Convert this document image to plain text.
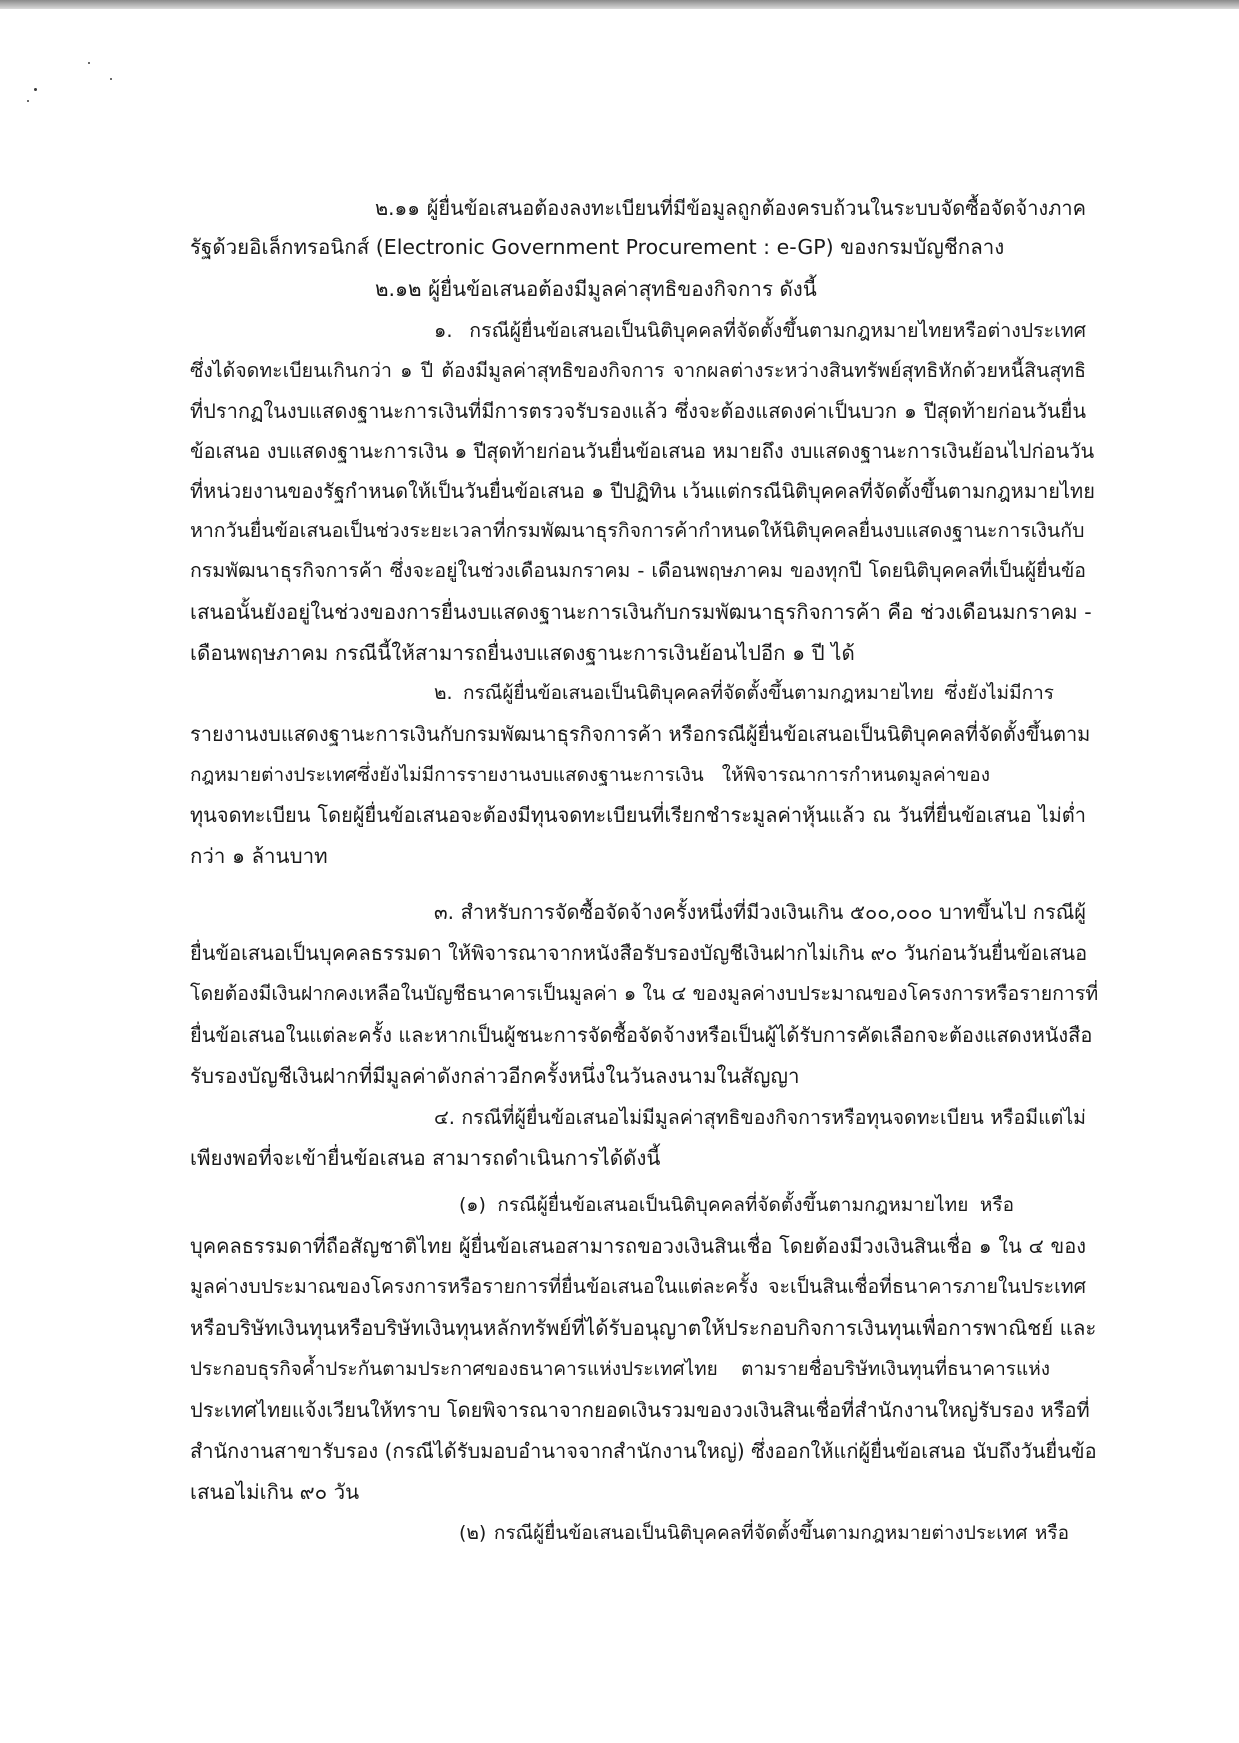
๒.๑๑ ผู้ยื่นข้อเสนอต้องลงทะเบียนที่มีข้อมูลถูกต้องครบถ้วนในระบบจัดซื้อจัดจ้างภาค
รัฐด้วยอิเล็กทรอนิกส์ (Electronic Government Procurement : e-GP) ของกรมบัญชีกลาง
๒.๑๒ ผู้ยื่นข้อเสนอต้องมีมูลค่าสุทธิของกิจการ ดังนี้
๑. กรณีผู้ยื่นข้อเสนอเป็นนิติบุคคลที่จัดตั้งขึ้นตามกฎหมายไทยหรือต่างประเทศ
ซึ่งได้จดทะเบียนเกินกว่า ๑ ปี ต้องมีมูลค่าสุทธิของกิจการ จากผลต่างระหว่างสินทรัพย์สุทธิหักด้วยหนี้สินสุทธิ
ที่ปรากฏในงบแสดงฐานะการเงินที่มีการตรวจรับรองแล้ว ซึ่งจะต้องแสดงค่าเป็นบวก ๑ ปีสุดท้ายก่อนวันยื่น
ข้อเสนอ งบแสดงฐานะการเงิน ๑ ปีสุดท้ายก่อนวันยื่นข้อเสนอ หมายถึง งบแสดงฐานะการเงินย้อนไปก่อนวัน
ที่หน่วยงานของรัฐกำหนดให้เป็นวันยื่นข้อเสนอ ๑ ปีปฏิทิน เว้นแต่กรณีนิติบุคคลที่จัดตั้งขึ้นตามกฎหมายไทย
หากวันยื่นข้อเสนอเป็นช่วงระยะเวลาที่กรมพัฒนาธุรกิจการค้ากำหนดให้นิติบุคคลยื่นงบแสดงฐานะการเงินกับ
กรมพัฒนาธุรกิจการค้า ซึ่งจะอยู่ในช่วงเดือนมกราคม - เดือนพฤษภาคม ของทุกปี โดยนิติบุคคลที่เป็นผู้ยื่นข้อ
เสนอนั้นยังอยู่ในช่วงของการยื่นงบแสดงฐานะการเงินกับกรมพัฒนาธุรกิจการค้า คือ ช่วงเดือนมกราคม -
เดือนพฤษภาคม กรณีนี้ให้สามารถยื่นงบแสดงฐานะการเงินย้อนไปอีก ๑ ปี ได้
๒. กรณีผู้ยื่นข้อเสนอเป็นนิติบุคคลที่จัดตั้งขึ้นตามกฎหมายไทย ซึ่งยังไม่มีการ
รายงานงบแสดงฐานะการเงินกับกรมพัฒนาธุรกิจการค้า หรือกรณีผู้ยื่นข้อเสนอเป็นนิติบุคคลที่จัดตั้งขึ้นตาม
กฎหมายต่างประเทศซึ่งยังไม่มีการรายงานงบแสดงฐานะการเงิน ให้พิจารณาการกำหนดมูลค่าของ
ทุนจดทะเบียน โดยผู้ยื่นข้อเสนอจะต้องมีทุนจดทะเบียนที่เรียกชำระมูลค่าหุ้นแล้ว ณ วันที่ยื่นข้อเสนอ ไม่ต่ำ
กว่า ๑ ล้านบาท
๓. สำหรับการจัดซื้อจัดจ้างครั้งหนึ่งที่มีวงเงินเกิน ๕๐๐,๐๐๐ บาทขึ้นไป กรณีผู้
ยื่นข้อเสนอเป็นบุคคลธรรมดา ให้พิจารณาจากหนังสือรับรองบัญชีเงินฝากไม่เกิน ๙๐ วันก่อนวันยื่นข้อเสนอ
โดยต้องมีเงินฝากคงเหลือในบัญชีธนาคารเป็นมูลค่า ๑ ใน ๔ ของมูลค่างบประมาณของโครงการหรือรายการที่
ยื่นข้อเสนอในแต่ละครั้ง และหากเป็นผู้ชนะการจัดซื้อจัดจ้างหรือเป็นผู้ได้รับการคัดเลือกจะต้องแสดงหนังสือ
รับรองบัญชีเงินฝากที่มีมูลค่าดังกล่าวอีกครั้งหนึ่งในวันลงนามในสัญญา
๔. กรณีที่ผู้ยื่นข้อเสนอไม่มีมูลค่าสุทธิของกิจการหรือทุนจดทะเบียน หรือมีแต่ไม่
เพียงพอที่จะเข้ายื่นข้อเสนอ สามารถดำเนินการได้ดังนี้
(๑) กรณีผู้ยื่นข้อเสนอเป็นนิติบุคคลที่จัดตั้งขึ้นตามกฎหมายไทย หรือ
บุคคลธรรมดาที่ถือสัญชาติไทย ผู้ยื่นข้อเสนอสามารถขอวงเงินสินเชื่อ โดยต้องมีวงเงินสินเชื่อ ๑ ใน ๔ ของ
มูลค่างบประมาณของโครงการหรือรายการที่ยื่นข้อเสนอในแต่ละครั้ง จะเป็นสินเชื่อที่ธนาคารภายในประเทศ
หรือบริษัทเงินทุนหรือบริษัทเงินทุนหลักทรัพย์ที่ได้รับอนุญาตให้ประกอบกิจการเงินทุนเพื่อการพาณิชย์ และ
ประกอบธุรกิจค้ำประกันตามประกาศของธนาคารแห่งประเทศไทย ตามรายชื่อบริษัทเงินทุนที่ธนาคารแห่ง
ประเทศไทยแจ้งเวียนให้ทราบ โดยพิจารณาจากยอดเงินรวมของวงเงินสินเชื่อที่สำนักงานใหญ่รับรอง หรือที่
สำนักงานสาขารับรอง (กรณีได้รับมอบอำนาจจากสำนักงานใหญ่) ซึ่งออกให้แก่ผู้ยื่นข้อเสนอ นับถึงวันยื่นข้อ
เสนอไม่เกิน ๙๐ วัน
(๒) กรณีผู้ยื่นข้อเสนอเป็นนิติบุคคลที่จัดตั้งขึ้นตามกฎหมายต่างประเทศ หรือ
